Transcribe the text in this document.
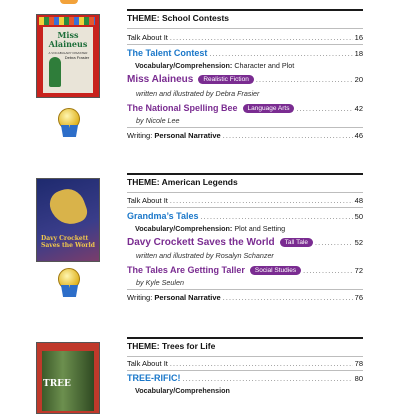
Miss Alaineus
A VOCABULARY DISASTER
Debra Frasier
THEME: School Contests
Talk About It .....	16
The Talent Contest .....	18
Vocabulary/Comprehension: Character and Plot
Miss Alaineus Realistic Fiction .....	20
written and illustrated by Debra Frasier
The National Spelling Bee Language Arts .....	42
by Nicole Lee
Writing: Personal Narrative .....	46
Davy Crockett Saves the World
THEME: American Legends
Talk About It .....	48
Grandma’s Tales .....	50
Vocabulary/Comprehension: Plot and Setting
Davy Crockett Saves the World Tall Tale .....	52
written and illustrated by Rosalyn Schanzer
The Tales Are Getting Taller Social Studies .....	72
by Kyle Seulen
Writing: Personal Narrative .....	76
TREE
THEME: Trees for Life
Talk About It .....	78
TREE-RIFIC! .....	80
Vocabulary/Comprehension
